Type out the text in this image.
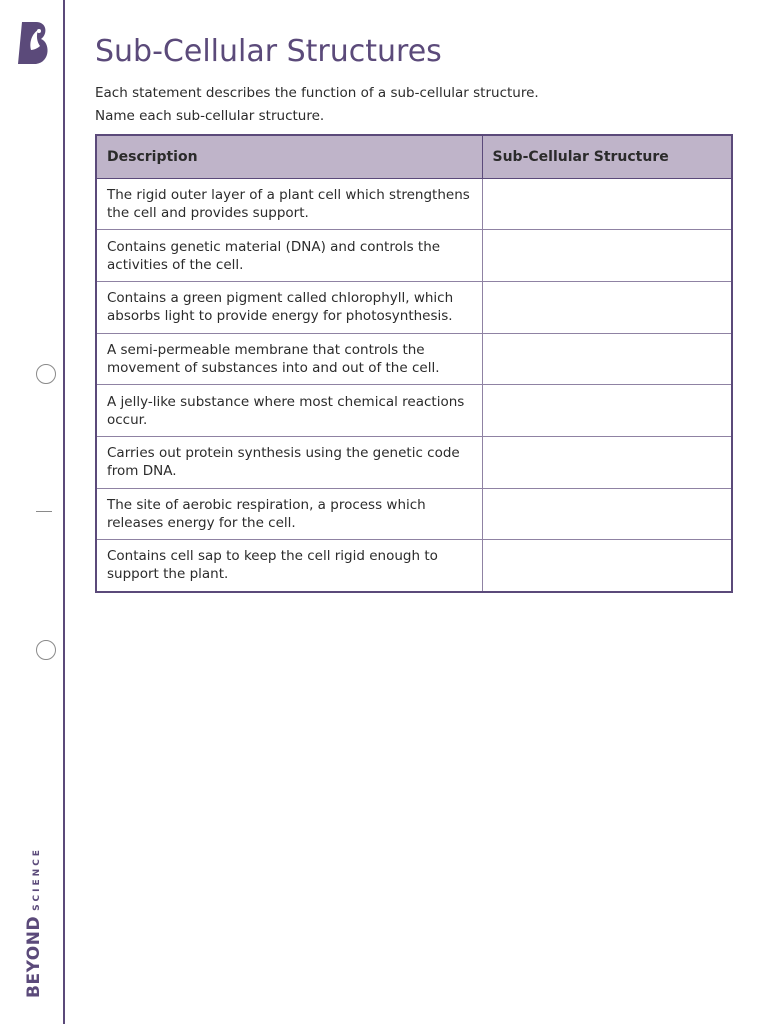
BEYOND
SCIENCE
Sub-Cellular Structures

Each statement describes the function of a sub-cellular structure.

Name each sub-cellular structure.

Description	Sub-Cellular Structure
The rigid outer layer of a plant cell which strengthens the cell and provides support.	
Contains genetic material (DNA) and controls the activities of the cell.	
Contains a green pigment called chlorophyll, which absorbs light to provide energy for photosynthesis.	
A semi-permeable membrane that controls the movement of substances into and out of the cell.	
A jelly-like substance where most chemical reactions occur.	
Carries out protein synthesis using the genetic code from DNA.	
The site of aerobic respiration, a process which releases energy for the cell.	
Contains cell sap to keep the cell rigid enough to support the plant.	
